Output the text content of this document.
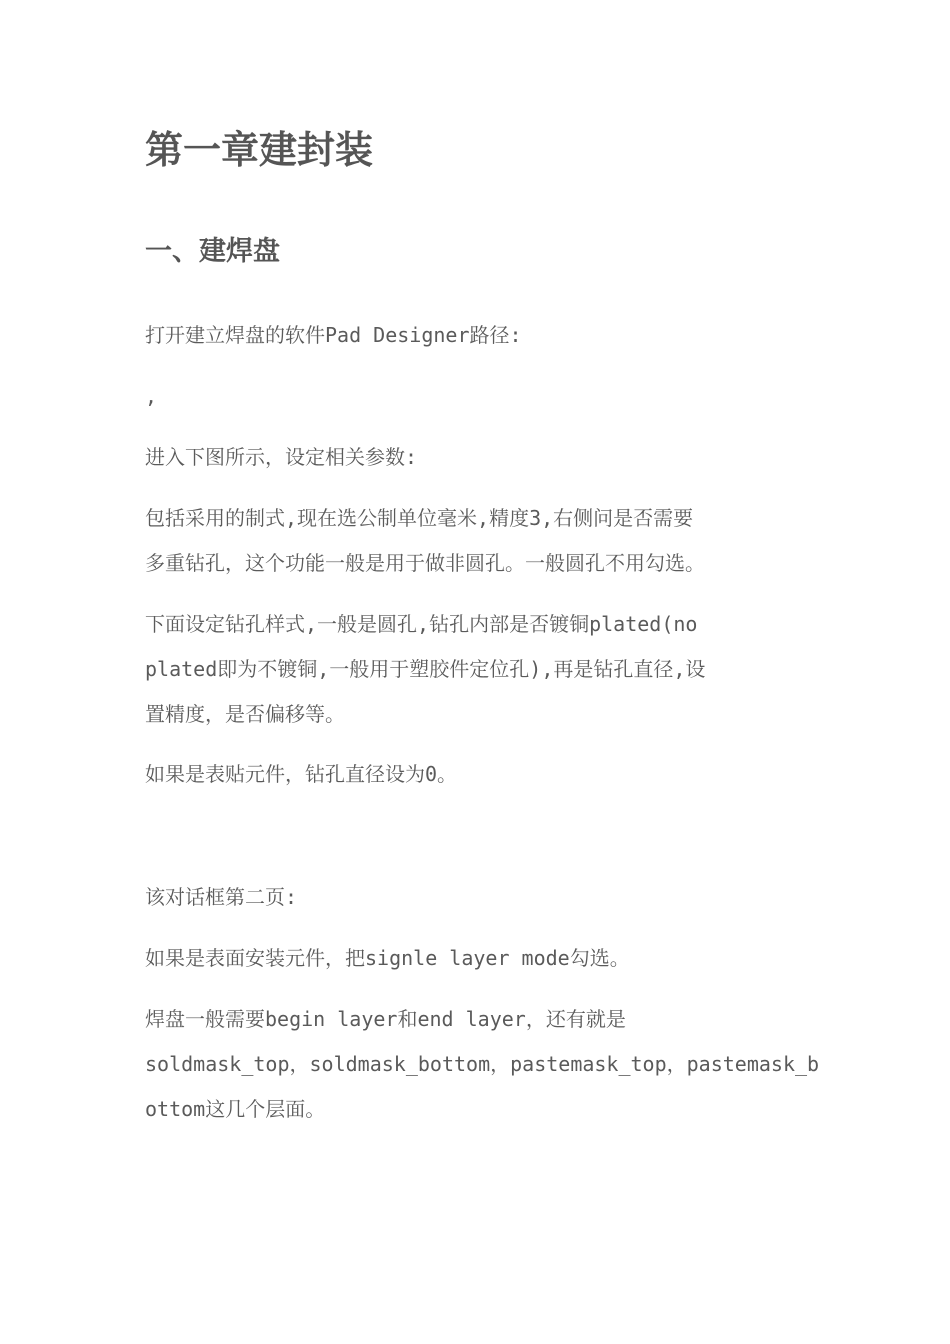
第一章建封装
一、建焊盘
打开建立焊盘的软件Pad Designer路径:
,
进入下图所示，设定相关参数:
包括采用的制式,现在选公制单位毫米,精度3,右侧问是否需要
多重钻孔，这个功能一般是用于做非圆孔。一般圆孔不用勾选。
下面设定钻孔样式,一般是圆孔,钻孔内部是否镀铜plated(no
plated即为不镀铜,一般用于塑胶件定位孔),再是钻孔直径,设
置精度，是否偏移等。
如果是表贴元件，钻孔直径设为0。
该对话框第二页:
如果是表面安装元件，把signle layer mode勾选。
焊盘一般需要begin layer和end layer，还有就是
soldmask_top，soldmask_bottom，pastemask_top，pastemask_b
ottom这几个层面。
